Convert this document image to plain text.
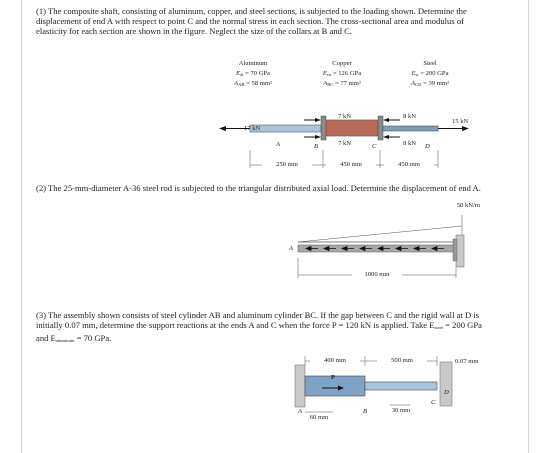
(1) The composite shaft, consisting of aluminum, copper, and steel sections, is subjected to the loading shown. Determine the displacement of end A with respect to point C and the normal stress in each section. The cross-sectional area and modulus of elasticity for each section are shown in the figure. Neglect the size of the collars at B and C.

Aluminum
$E_{al} = 70$ GPa
$A_{AB} = 58$ mm²
Copper
$E_{cu} = 126$ GPa
$A_{BC} = 77$ mm²
Steel
$E_{st} = 200$ GPa
$A_{CD} = 39$ mm²
17 kN
7 kN
7 kN
8 kN
8 kN
15 kN
A	B	C	D
250 mm	450 mm	450 mm

(2) The 25-mm-diameter A-36 steel rod is subjected to the triangular distributed axial load. Determine the displacement of end A.

50 kN/m
A
1000 mm

(3) The assembly shown consists of steel cylinder AB and aluminum cylinder BC. If the gap between C and the rigid wall at D is initially 0.07 mm, determine the support reactions at the ends A and C when the force P = 120 kN is applied. Take $E_{steel} = 200$ GPa and $E_{aluminum} = 70$ GPa.

400 mm	500 mm	0.07 mm
P
A	B
C
D
60 mm
30 mm
